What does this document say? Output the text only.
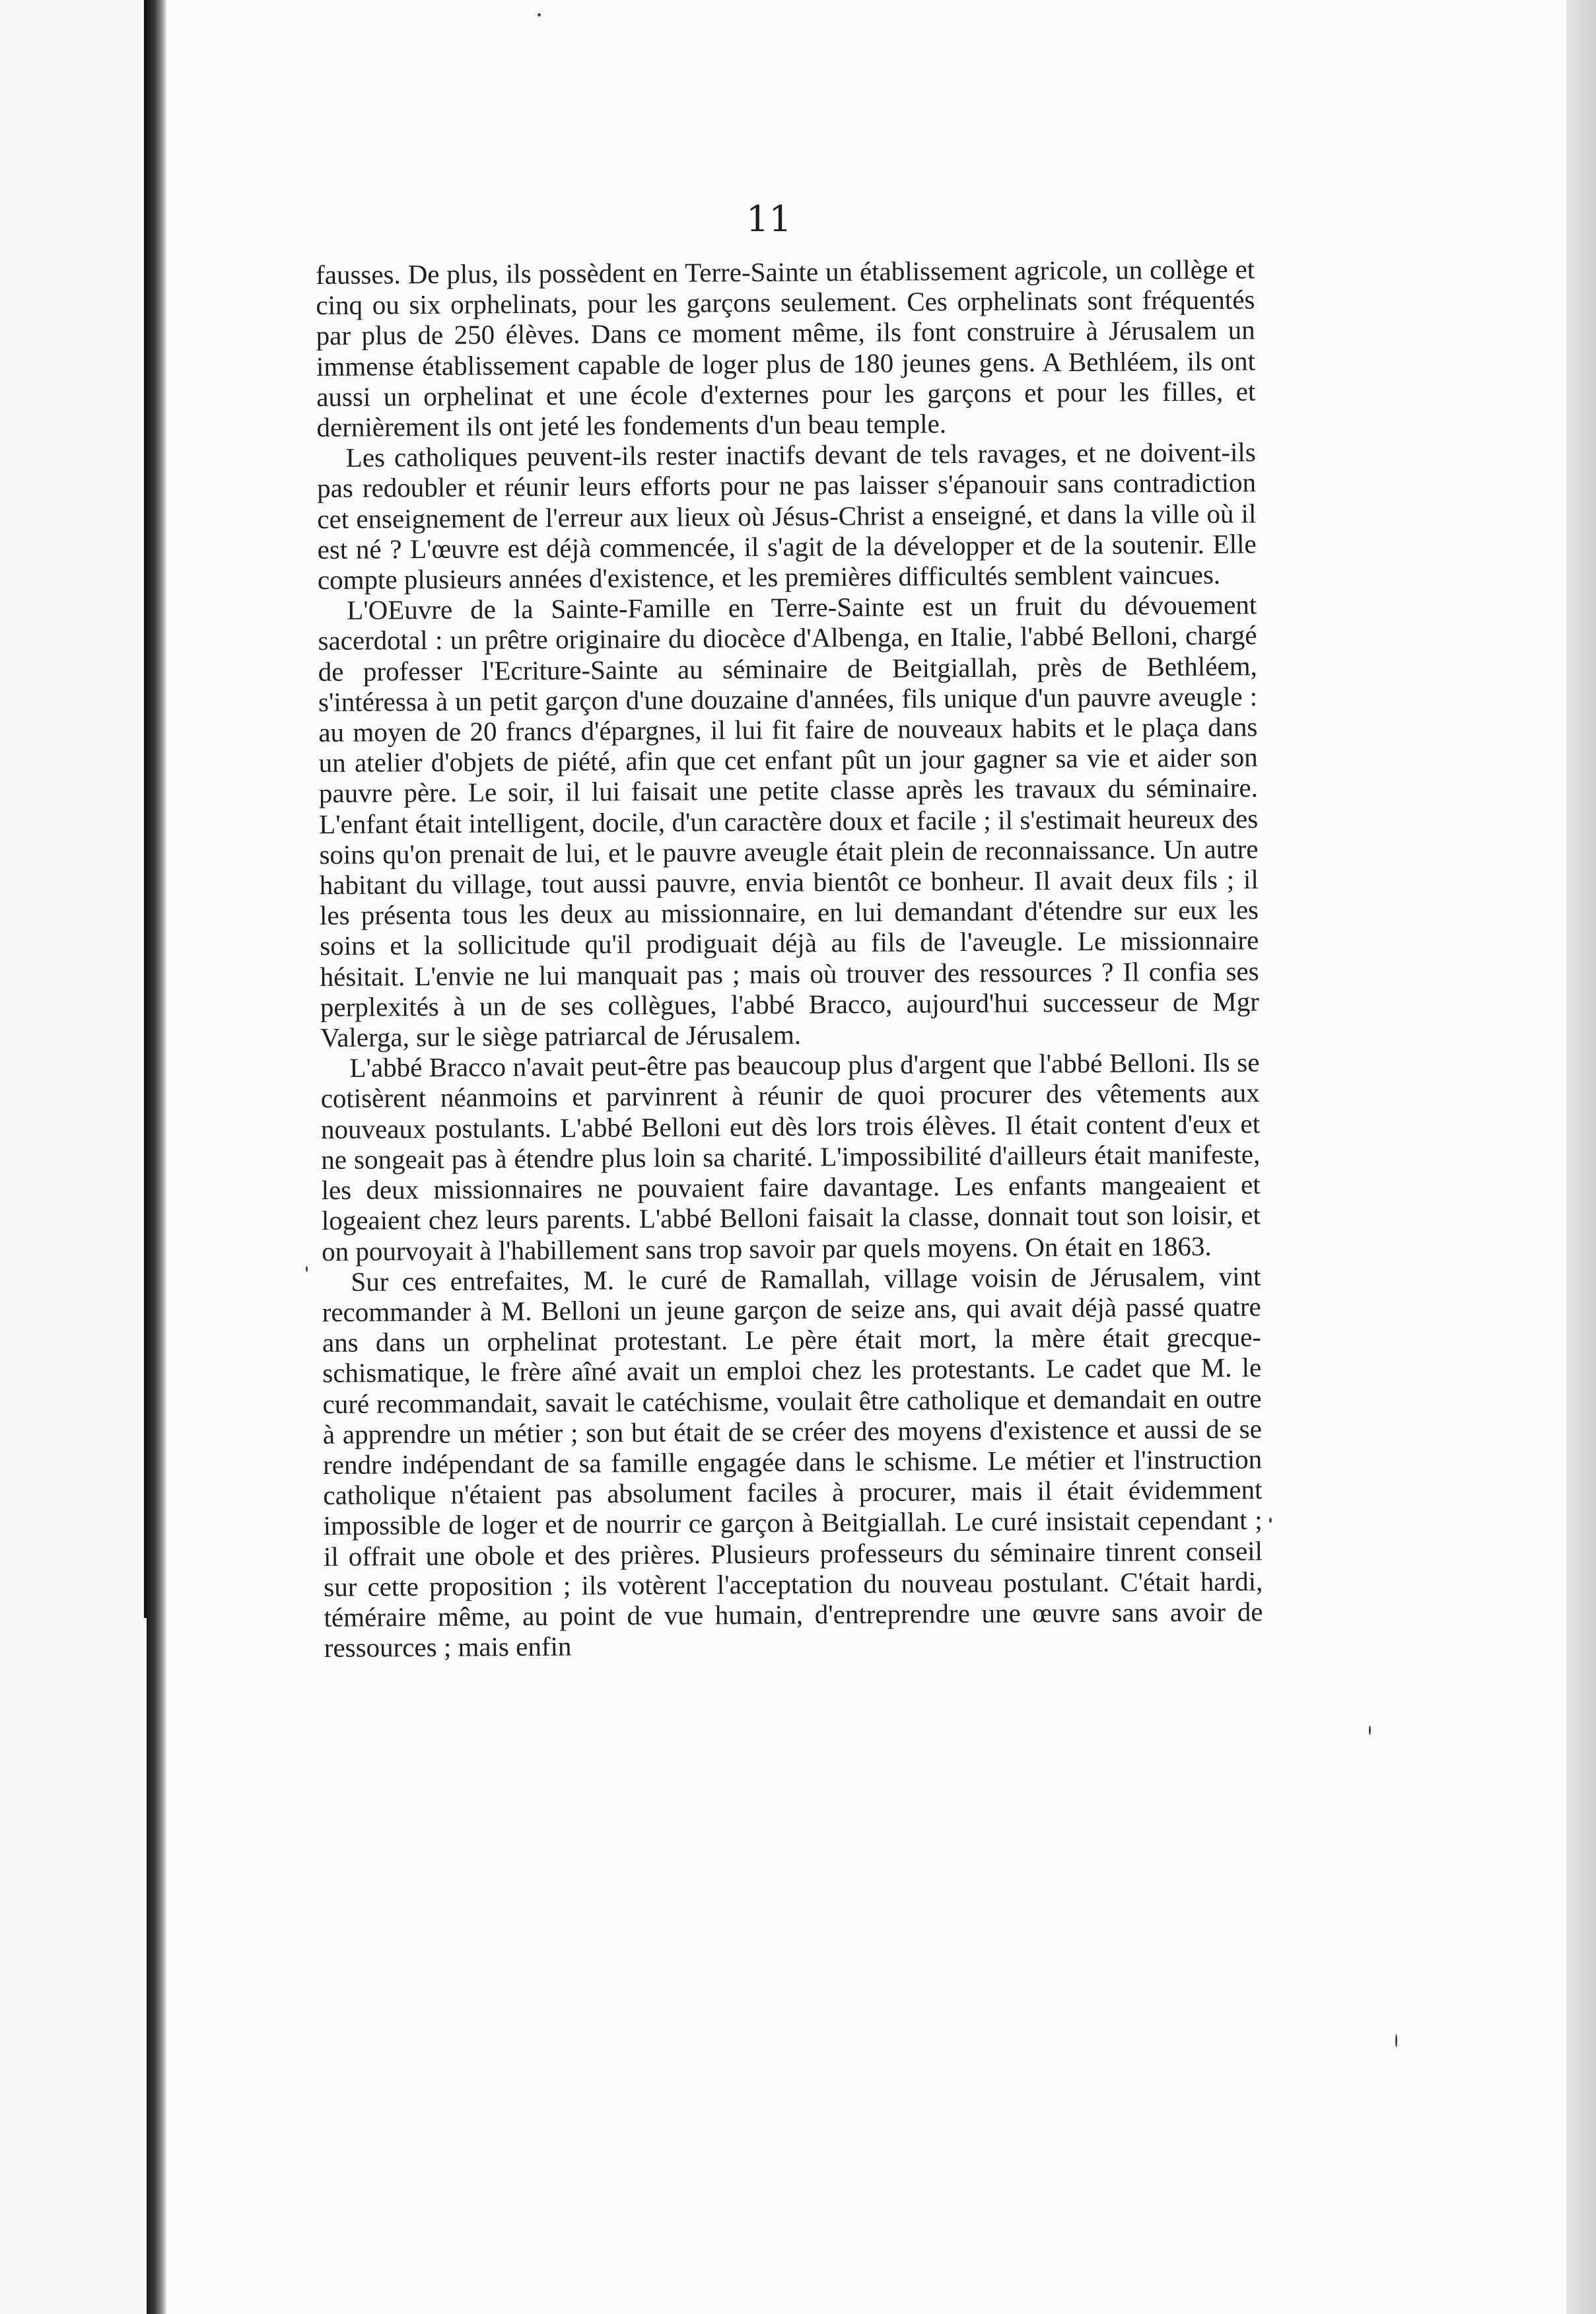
11

fausses. De plus, ils possèdent en Terre-Sainte un établissement agricole, un collège et cinq ou six orphelinats, pour les garçons seulement. Ces orphelinats sont fréquentés par plus de 250 élèves. Dans ce moment même, ils font construire à Jérusalem un immense établissement capable de loger plus de 180 jeunes gens. A Bethléem, ils ont aussi un orphelinat et une école d'externes pour les garçons et pour les filles, et dernièrement ils ont jeté les fondements d'un beau temple.

Les catholiques peuvent-ils rester inactifs devant de tels ravages, et ne doivent-ils pas redoubler et réunir leurs efforts pour ne pas laisser s'épanouir sans contradiction cet enseignement de l'erreur aux lieux où Jésus-Christ a enseigné, et dans la ville où il est né ? L'œuvre est déjà commencée, il s'agit de la développer et de la soutenir. Elle compte plusieurs années d'existence, et les premières difficultés semblent vaincues.

L'OEuvre de la Sainte-Famille en Terre-Sainte est un fruit du dévouement sacerdotal : un prêtre originaire du diocèce d'Albenga, en Italie, l'abbé Belloni, chargé de professer l'Ecriture-Sainte au séminaire de Beitgiallah, près de Bethléem, s'intéressa à un petit garçon d'une douzaine d'années, fils unique d'un pauvre aveugle : au moyen de 20 francs d'épargnes, il lui fit faire de nouveaux habits et le plaça dans un atelier d'objets de piété, afin que cet enfant pût un jour gagner sa vie et aider son pauvre père. Le soir, il lui faisait une petite classe après les travaux du séminaire. L'enfant était intelligent, docile, d'un caractère doux et facile ; il s'estimait heureux des soins qu'on prenait de lui, et le pauvre aveugle était plein de reconnaissance. Un autre habitant du village, tout aussi pauvre, envia bientôt ce bonheur. Il avait deux fils ; il les présenta tous les deux au missionnaire, en lui demandant d'étendre sur eux les soins et la sollicitude qu'il prodiguait déjà au fils de l'aveugle. Le missionnaire hésitait. L'envie ne lui manquait pas ; mais où trouver des ressources ? Il confia ses perplexités à un de ses collègues, l'abbé Bracco, aujourd'hui successeur de Mgr Valerga, sur le siège patriarcal de Jérusalem.

L'abbé Bracco n'avait peut-être pas beaucoup plus d'argent que l'abbé Belloni. Ils se cotisèrent néanmoins et parvinrent à réunir de quoi procurer des vêtements aux nouveaux postulants. L'abbé Belloni eut dès lors trois élèves. Il était content d'eux et ne songeait pas à étendre plus loin sa charité. L'impossibilité d'ailleurs était manifeste, les deux missionnaires ne pouvaient faire davantage. Les enfants mangeaient et logeaient chez leurs parents. L'abbé Belloni faisait la classe, donnait tout son loisir, et on pourvoyait à l'habillement sans trop savoir par quels moyens. On était en 1863.

Sur ces entrefaites, M. le curé de Ramallah, village voisin de Jérusalem, vint recommander à M. Belloni un jeune garçon de seize ans, qui avait déjà passé quatre ans dans un orphelinat protestant. Le père était mort, la mère était grecque-schismatique, le frère aîné avait un emploi chez les protestants. Le cadet que M. le curé recommandait, savait le catéchisme, voulait être catholique et demandait en outre à apprendre un métier ; son but était de se créer des moyens d'existence et aussi de se rendre indépendant de sa famille engagée dans le schisme. Le métier et l'instruction catholique n'étaient pas absolument faciles à procurer, mais il était évidemment impossible de loger et de nourrir ce garçon à Beitgiallah. Le curé insistait cependant ; il offrait une obole et des prières. Plusieurs professeurs du séminaire tinrent conseil sur cette proposition ; ils votèrent l'acceptation du nouveau postulant. C'était hardi, téméraire même, au point de vue humain, d'entreprendre une œuvre sans avoir de ressources ; mais enfin
